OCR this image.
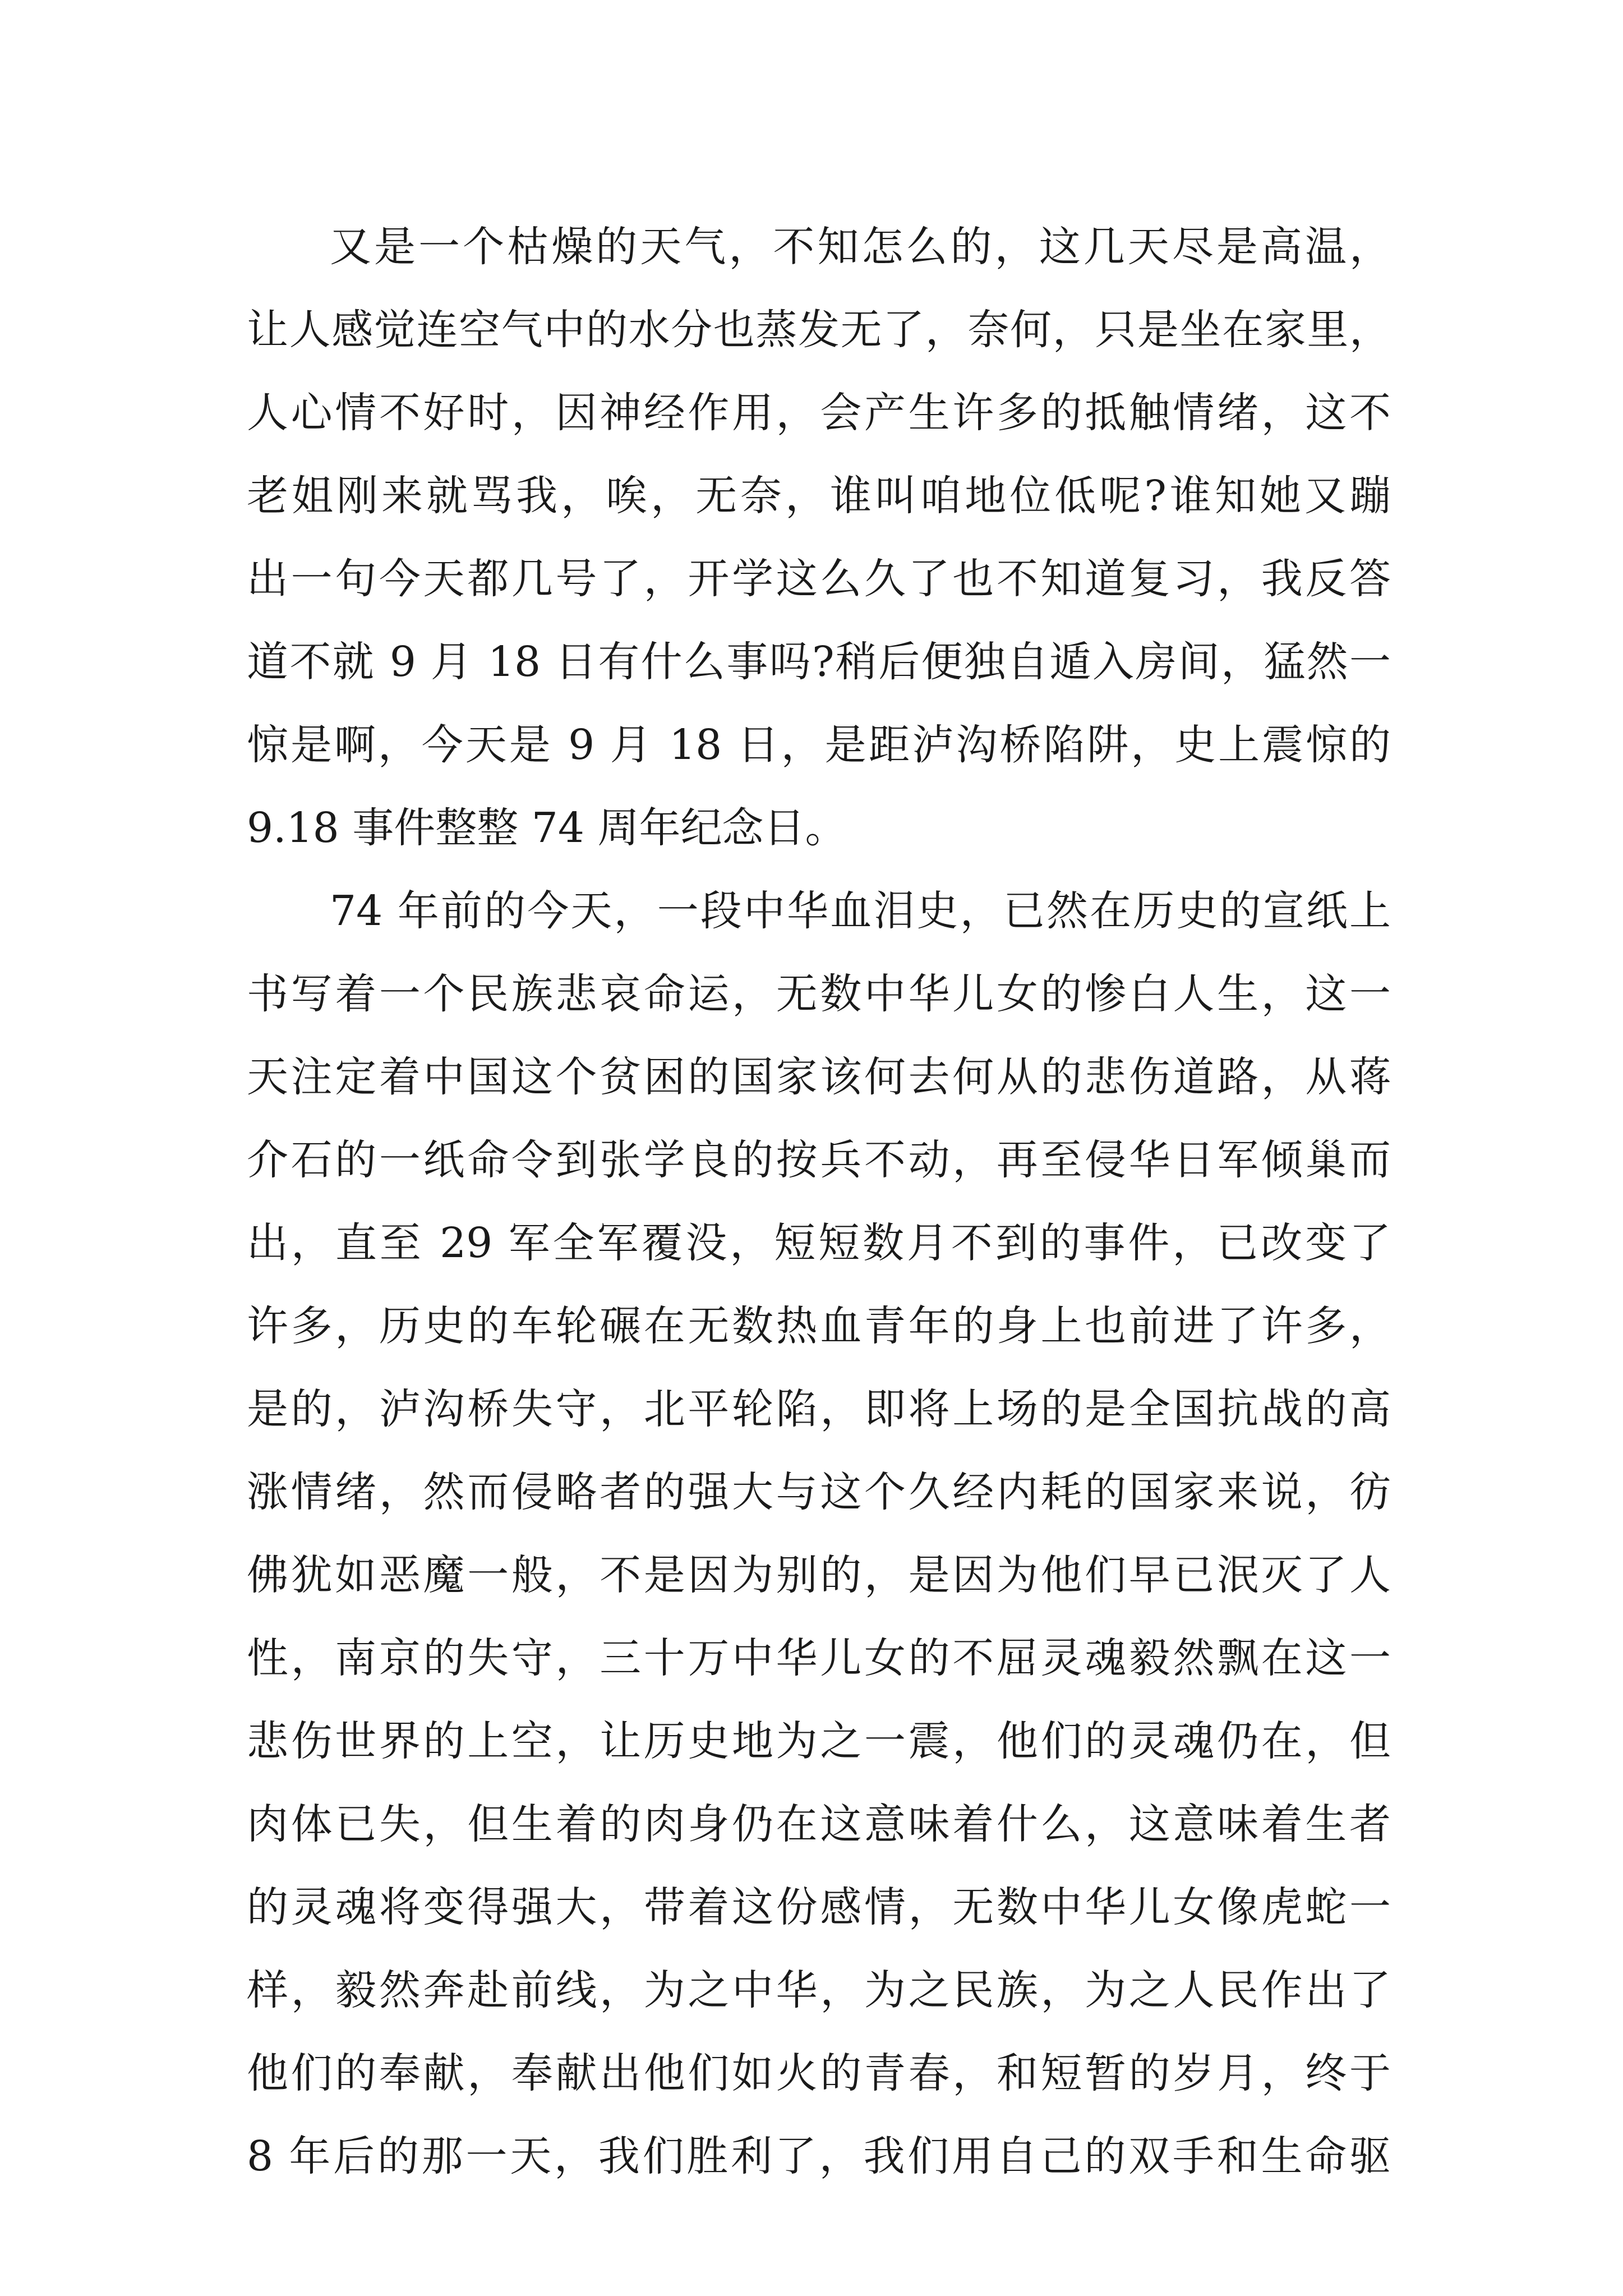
又是一个枯燥的天气，不知怎么的，这几天尽是高温，
让人感觉连空气中的水分也蒸发无了，奈何，只是坐在家里，
人心情不好时，因神经作用，会产生许多的抵触情绪，这不
老姐刚来就骂我，唉，无奈，谁叫咱地位低呢?谁知她又蹦
出一句今天都几号了，开学这么久了也不知道复习，我反答
道不就 9 月 18 日有什么事吗?稍后便独自遁入房间，猛然一
惊是啊，今天是 9 月 18 日，是距泸沟桥陷阱，史上震惊的
9.18 事件整整 74 周年纪念日。
74 年前的今天，一段中华血泪史，已然在历史的宣纸上
书写着一个民族悲哀命运，无数中华儿女的惨白人生，这一
天注定着中国这个贫困的国家该何去何从的悲伤道路，从蒋
介石的一纸命令到张学良的按兵不动，再至侵华日军倾巢而
出，直至 29 军全军覆没，短短数月不到的事件，已改变了
许多，历史的车轮碾在无数热血青年的身上也前进了许多，
是的，泸沟桥失守，北平轮陷，即将上场的是全国抗战的高
涨情绪，然而侵略者的强大与这个久经内耗的国家来说，彷
佛犹如恶魔一般，不是因为别的，是因为他们早已泯灭了人
性，南京的失守，三十万中华儿女的不屈灵魂毅然飘在这一
悲伤世界的上空，让历史地为之一震，他们的灵魂仍在，但
肉体已失，但生着的肉身仍在这意味着什么，这意味着生者
的灵魂将变得强大，带着这份感情，无数中华儿女像虎蛇一
样，毅然奔赴前线，为之中华，为之民族，为之人民作出了
他们的奉献，奉献出他们如火的青春，和短暂的岁月，终于
8 年后的那一天，我们胜利了，我们用自己的双手和生命驱
